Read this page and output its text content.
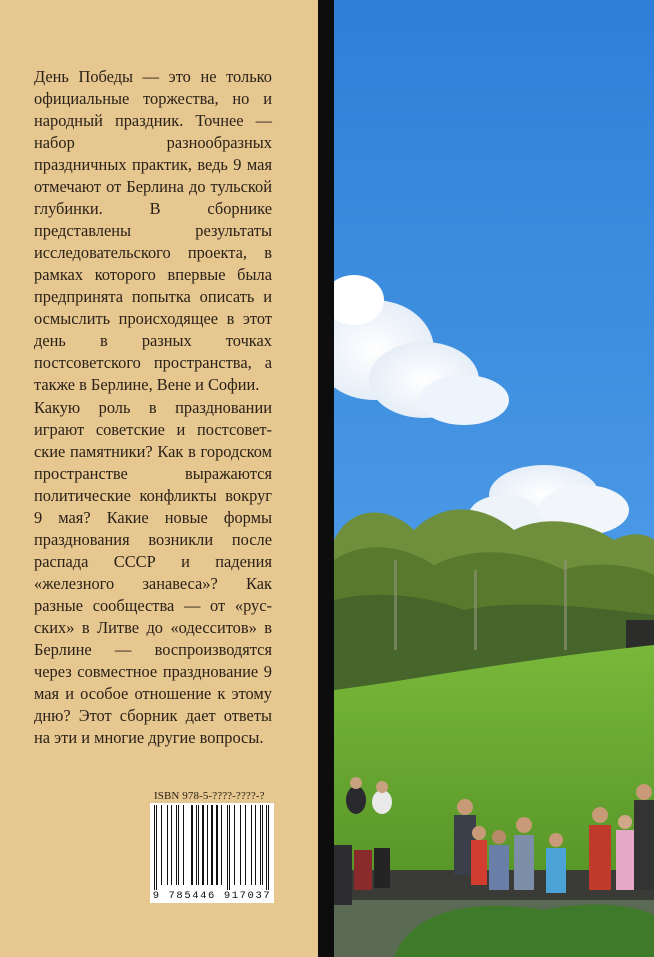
День Победы — это не только официальные торжества, но и народный праздник. Точнее — набор разнообразных праздничных практик, ведь 9 мая отмечают от Берлина до тульской глубинки. В сборнике представлены результаты исследовательского проекта, в рамках которого впервые была предпринята попытка описать и осмыслить происходящее в этот день в разных точках постсоветского пространства, а также в Берлине, Вене и Софии.

Какую роль в праздновании играют советские и постсоветские памятники? Как в городском пространстве выражаются политические конфликты вокруг 9 мая? Какие новые формы празднования возникли после распада СССР и падения «железного занавеса»? Как разные сообщества — от «русских» в Литве до «одесситов» в Берлине — воспроизводятся через совместное празднование 9 мая и особое отношение к этому дню? Этот сборник дает ответы на эти и многие другие вопросы.

ISBN 978-5-????-????-?
9 785446 917037
